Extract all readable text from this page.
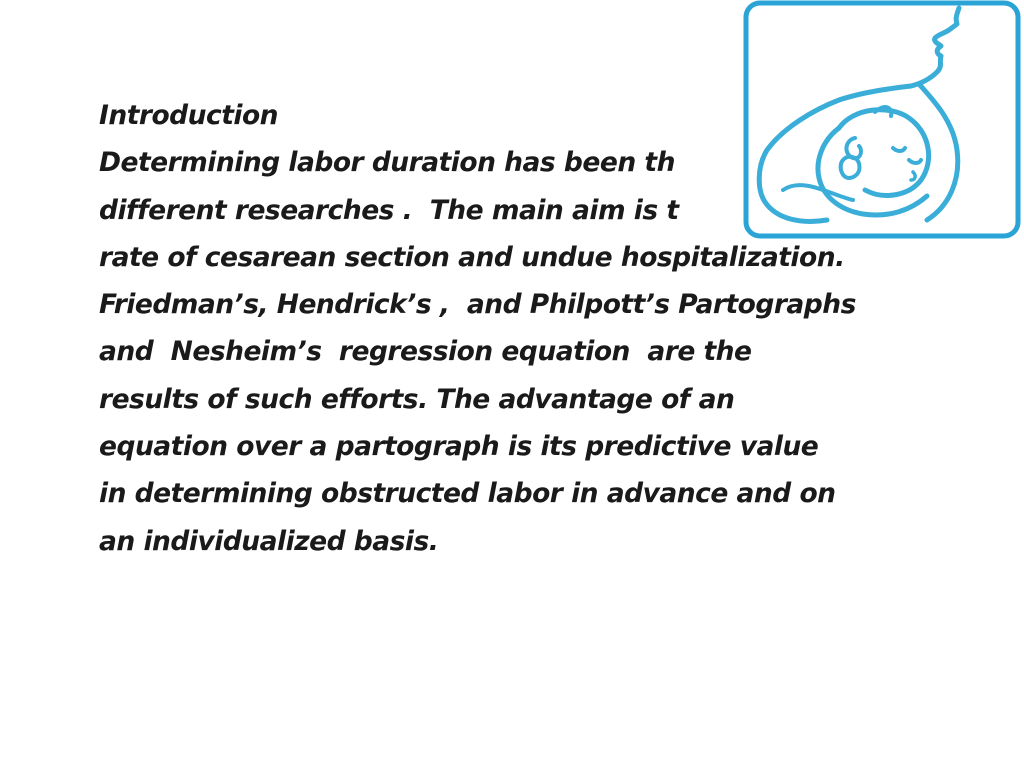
Introduction
Determining labor duration has been th
different researches .  The main aim is t
rate of cesarean section and undue hospitalization.
Friedman’s, Hendrick’s ,  and Philpott’s Partographs
and  Nesheim’s  regression equation  are the
results of such efforts. The advantage of an
equation over a partograph is its predictive value
in determining obstructed labor in advance and on
an individualized basis.
